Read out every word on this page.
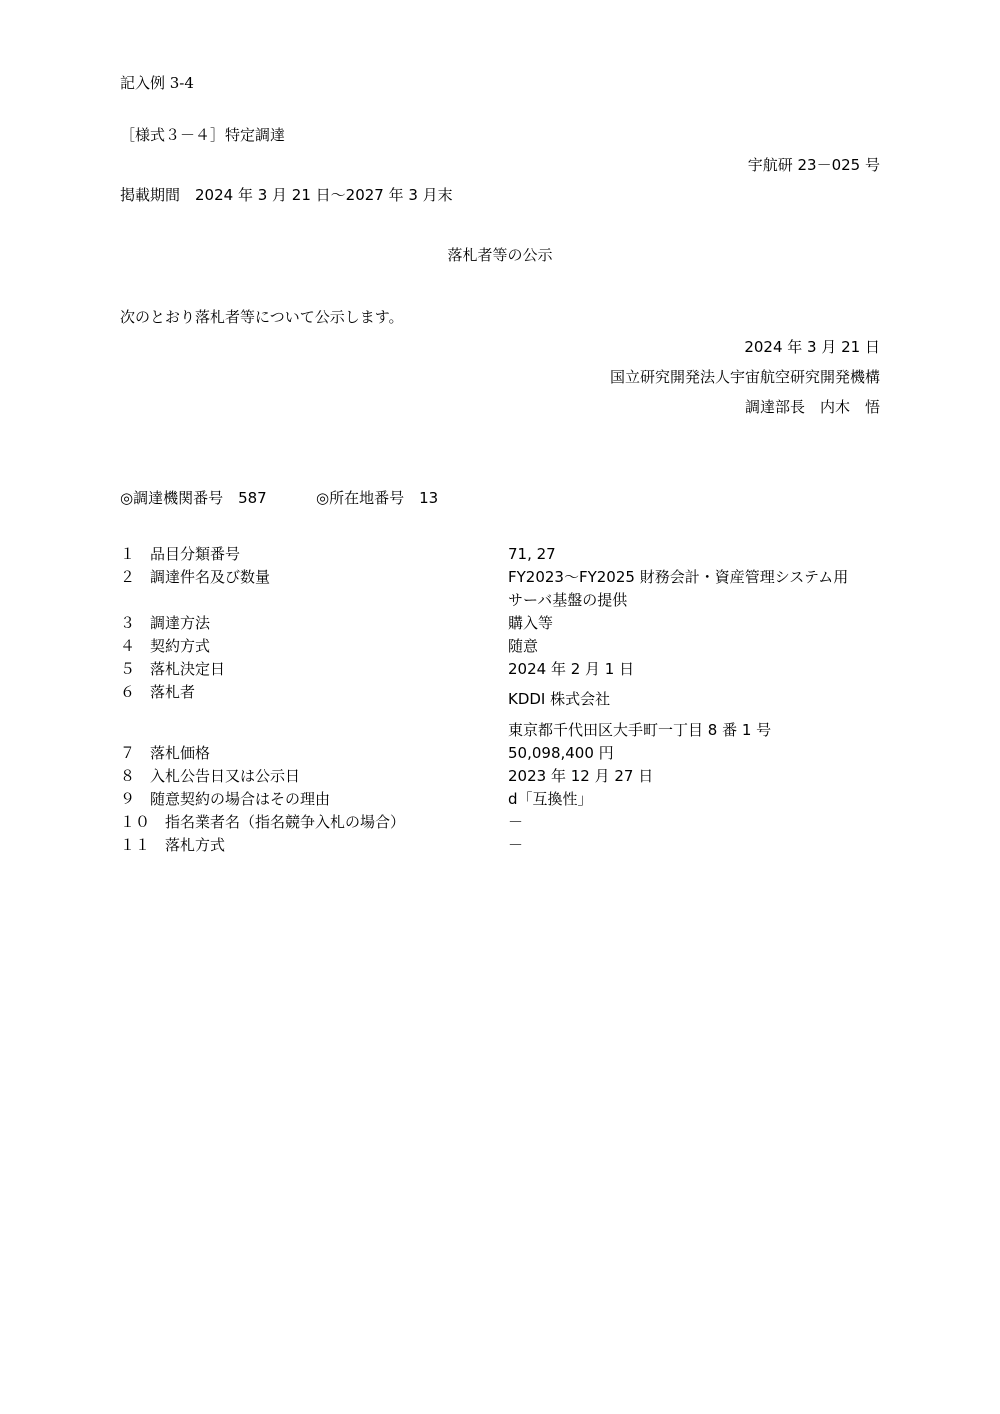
記入例 3-4
［様式３－４］特定調達
宇航研 23－025 号
掲載期間　2024 年 3 月 21 日～2027 年 3 月末
落札者等の公示
次のとおり落札者等について公示します。
2024 年 3 月 21 日
国立研究開発法人宇宙航空研究開発機構
調達部長　内木　悟
◎調達機関番号　587	◎所在地番号　13
１　品目分類番号	71, 27
２　調達件名及び数量	FY2023～FY2025 財務会計・資産管理システム用
サーバ基盤の提供
３　調達方法	購入等
４　契約方式	随意
５　落札決定日	2024 年 2 月 1 日
６　落札者	KDDI 株式会社
東京都千代田区大手町一丁目 8 番 1 号
７　落札価格	50,098,400 円
８　入札公告日又は公示日	2023 年 12 月 27 日
９　随意契約の場合はその理由	d「互換性」
１０　指名業者名（指名競争入札の場合）	－
１１　落札方式	－
